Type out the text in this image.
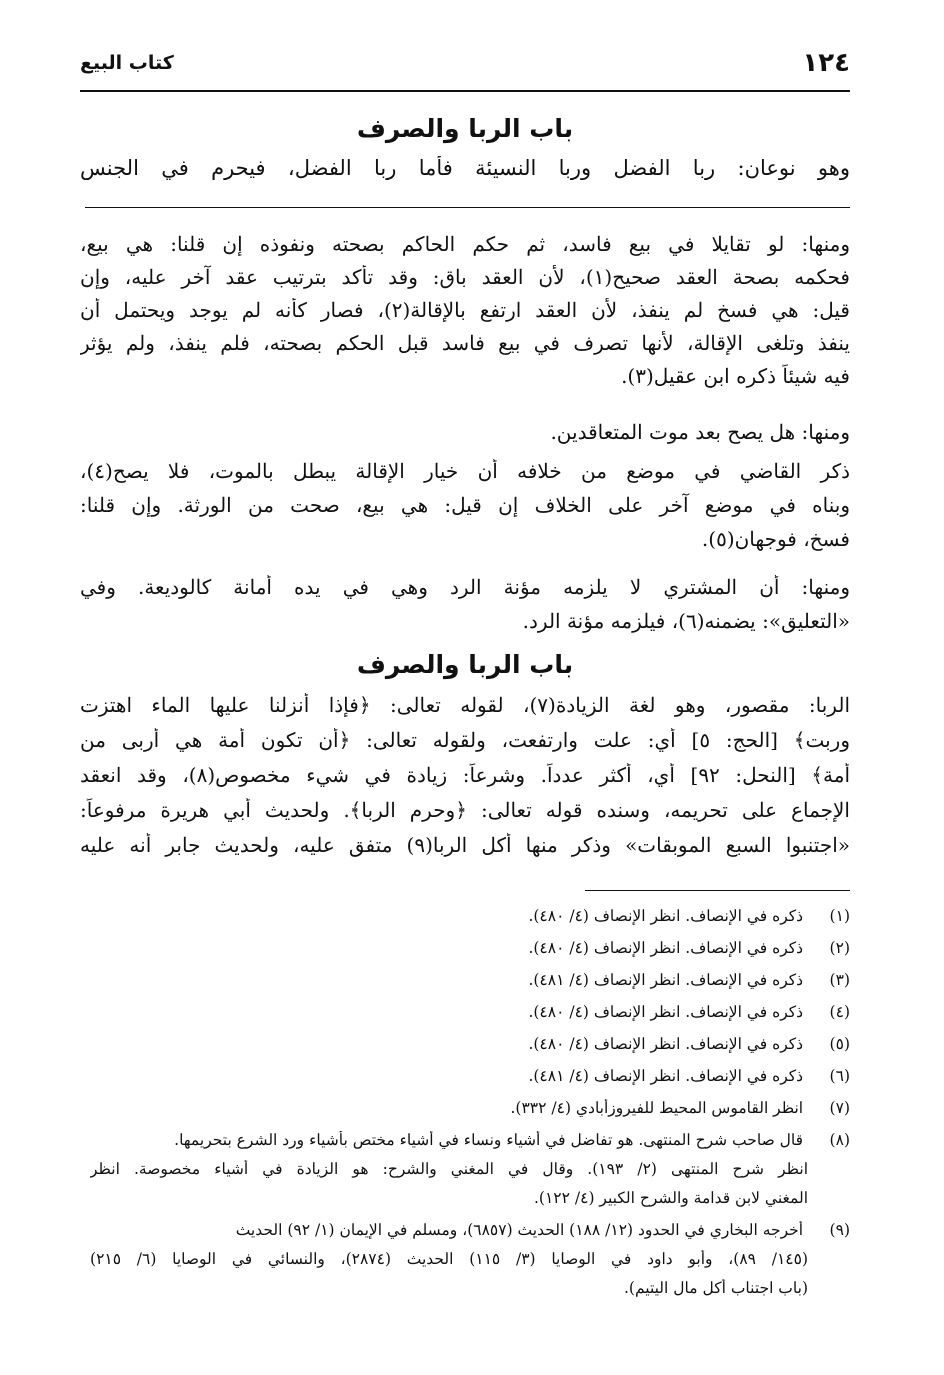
١٢٤
كتاب البيع
باب الربا والصرف
وهو نوعان: ربا الفضل وربا النسيئة فأما ربا الفضل، فيحرم في الجنس
ومنها: لو تقايلا في بيع فاسد، ثم حكم الحاكم بصحته ونفوذه إن قلنا: هي بيع،
فحكمه بصحة العقد صحيح(١)، لأن العقد باقٍ: وقد تأكد بترتيب عقد آخر عليه، وإن
قيل: هي فسخ لم ينفذ، لأن العقد ارتفع بالإقالة(٢)، فصار كأنه لم يوجد ويحتمل أن
ينفذ وتلغى الإقالة، لأنها تصرف في بيع فاسد قبل الحكم بصحته، فلم ينفذ، ولم يؤثر
فيه شيئاً ذكره ابن عقيل(٣).
ومنها: هل يصح بعد موت المتعاقدين.
ذكر القاضي في موضع من خلافه أن خيار الإقالة يبطل بالموت، فلا يصح(٤)،
وبناه في موضع آخر على الخلاف إن قيل: هي بيع، صحت من الورثة. وإن قلنا:
فسخ، فوجهان(٥).
ومنها: أن المشتري لا يلزمه مؤنة الرد وهي في يده أمانة كالوديعة. وفي
«التعليق»: يضمنه(٦)، فيلزمه مؤنة الرد.
باب الربا والصرف
الربا: مقصور، وهو لغة الزيادة(٧)، لقوله تعالى: ﴿فإذا أنزلنا عليها الماء اهتزت
وربت﴾ [الحج: ٥] أي: علت وارتفعت، ولقوله تعالى: ﴿أن تكون أمة هي أربى من
أمة﴾ [النحل: ٩٢] أي، أكثر عدداً. وشرعاً: زيادة في شيء مخصوص(٨)، وقد انعقد
الإجماع على تحريمه، وسنده قوله تعالى: ﴿وحرم الربا﴾. ولحديث أبي هريرة مرفوعاً:
«اجتنبوا السبع الموبقات» وذكر منها أكل الربا(٩) متفق عليه، ولحديث جابر أنه عليه
(١) ذكره في الإنصاف. انظر الإنصاف (٤/ ٤٨٠).
(٢) ذكره في الإنصاف. انظر الإنصاف (٤/ ٤٨٠).
(٣) ذكره في الإنصاف. انظر الإنصاف (٤/ ٤٨١).
(٤) ذكره في الإنصاف. انظر الإنصاف (٤/ ٤٨٠).
(٥) ذكره في الإنصاف. انظر الإنصاف (٤/ ٤٨٠).
(٦) ذكره في الإنصاف. انظر الإنصاف (٤/ ٤٨١).
(٧) انظر القاموس المحيط للفيروزأبادي (٤/ ٣٣٢).
(٨) قال صاحب شرح المنتهى. هو تفاضل في أشياء ونساء في أشياء مختص بأشياء ورد الشرع بتحريمها.
انظر شرح المنتهى (٢/ ١٩٣). وقال في المغني والشرح: هو الزيادة في أشياء مخصوصة. انظر
المغني لابن قدامة والشرح الكبير (٤/ ١٢٢).
(٩) أخرجه البخاري في الحدود (١٢/ ١٨٨) الحديث (٦٨٥٧)، ومسلم في الإيمان (١/ ٩٢) الحديث
(١٤٥/ ٨٩)، وأبو داود في الوصايا (٣/ ١١٥) الحديث (٢٨٧٤)، والنسائي في الوصايا (٦/ ٢١٥)
(باب اجتناب أكل مال اليتيم).
